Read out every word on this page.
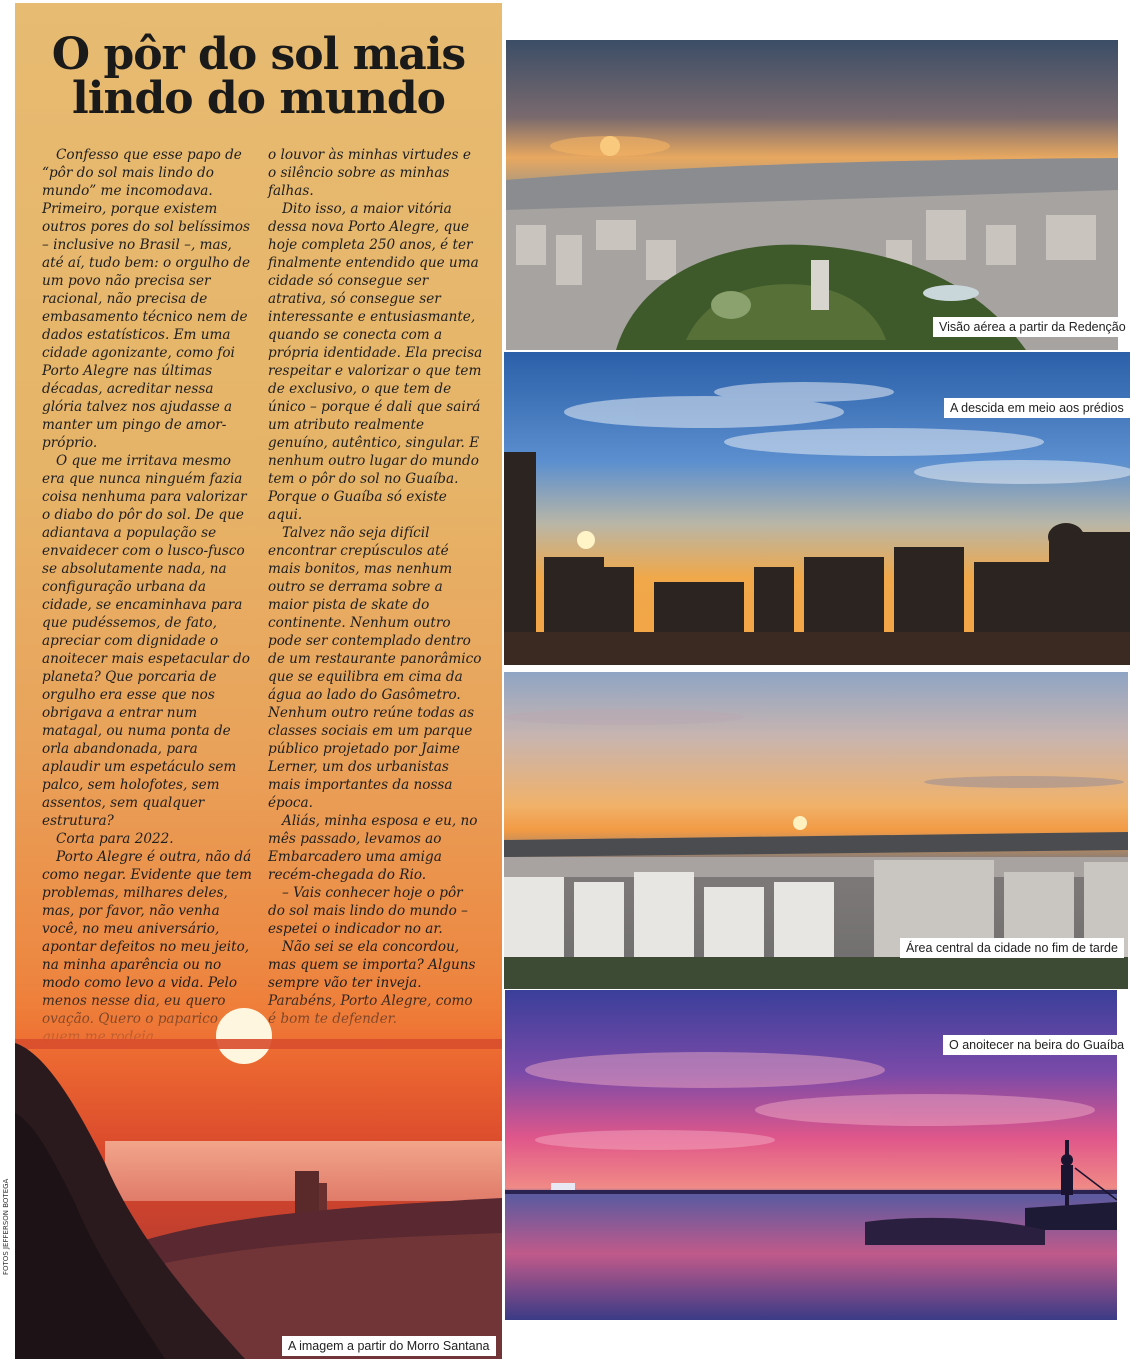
O pôr do sol mais
lindo do mundo

Confesso que esse papo de “pôr do sol mais lindo do mundo” me incomodava. Primeiro, porque existem outros pores do sol belíssimos – inclusive no Brasil –, mas, até aí, tudo bem: o orgulho de um povo não precisa ser racional, não precisa de embasamento técnico nem de dados estatísticos. Em uma cidade agonizante, como foi Porto Alegre nas últimas décadas, acreditar nessa glória talvez nos ajudasse a manter um pingo de amor-próprio.

O que me irritava mesmo era que nunca ninguém fazia coisa nenhuma para valorizar o diabo do pôr do sol. De que adiantava a população se envaidecer com o lusco-fusco se absolutamente nada, na configuração urbana da cidade, se encaminhava para que pudéssemos, de fato, apreciar com dignidade o anoitecer mais espetacular do planeta? Que porcaria de orgulho era esse que nos obrigava a entrar num matagal, ou numa ponta de orla abandonada, para aplaudir um espetáculo sem palco, sem holofotes, sem assentos, sem qualquer estrutura?

Corta para 2022.

Porto Alegre é outra, não dá como negar. Evidente que tem problemas, milhares deles, mas, por favor, não venha você, no meu aniversário, apontar defeitos no meu jeito, na minha aparência ou no modo como levo a vida. Pelo

o louvor às minhas virtudes e o silêncio sobre as minhas falhas.

Dito isso, a maior vitória dessa nova Porto Alegre, que hoje completa 250 anos, é ter finalmente entendido que uma cidade só consegue ser atrativa, só consegue ser interessante e entusiasmante, quando se conecta com a própria identidade. Ela precisa respeitar e valorizar o que tem de exclusivo, o que tem de único – porque é dali que sairá um atributo realmente genuíno, autêntico, singular. E nenhum outro lugar do mundo tem o pôr do sol no Guaíba. Porque o Guaíba só existe aqui.

Talvez não seja difícil encontrar crepúsculos até mais bonitos, mas nenhum outro se derrama sobre a maior pista de skate do continente. Nenhum outro pode ser contemplado dentro de um restaurante panorâmico que se equilibra em cima da água ao lado do Gasômetro. Nenhum outro reúne todas as classes sociais em um parque público projetado por Jaime Lerner, um dos urbanistas mais importantes da nossa época.

Aliás, minha esposa e eu, no mês passado, levamos ao Embarcadero uma amiga recém-chegada do Rio.

– Vais conhecer hoje o pôr do sol mais lindo do mundo – espetei o indicador no ar.

Não sei se ela concordou, mas quem se importa? Alguns sempre vão ter inveja.

A imagem a partir do Morro Santana
FOTOS JEFFERSON BOTEGA
Visão aérea a partir da Redenção
A descida em meio aos prédios
Área central da cidade no fim de tarde
O anoitecer na beira do Guaíba
